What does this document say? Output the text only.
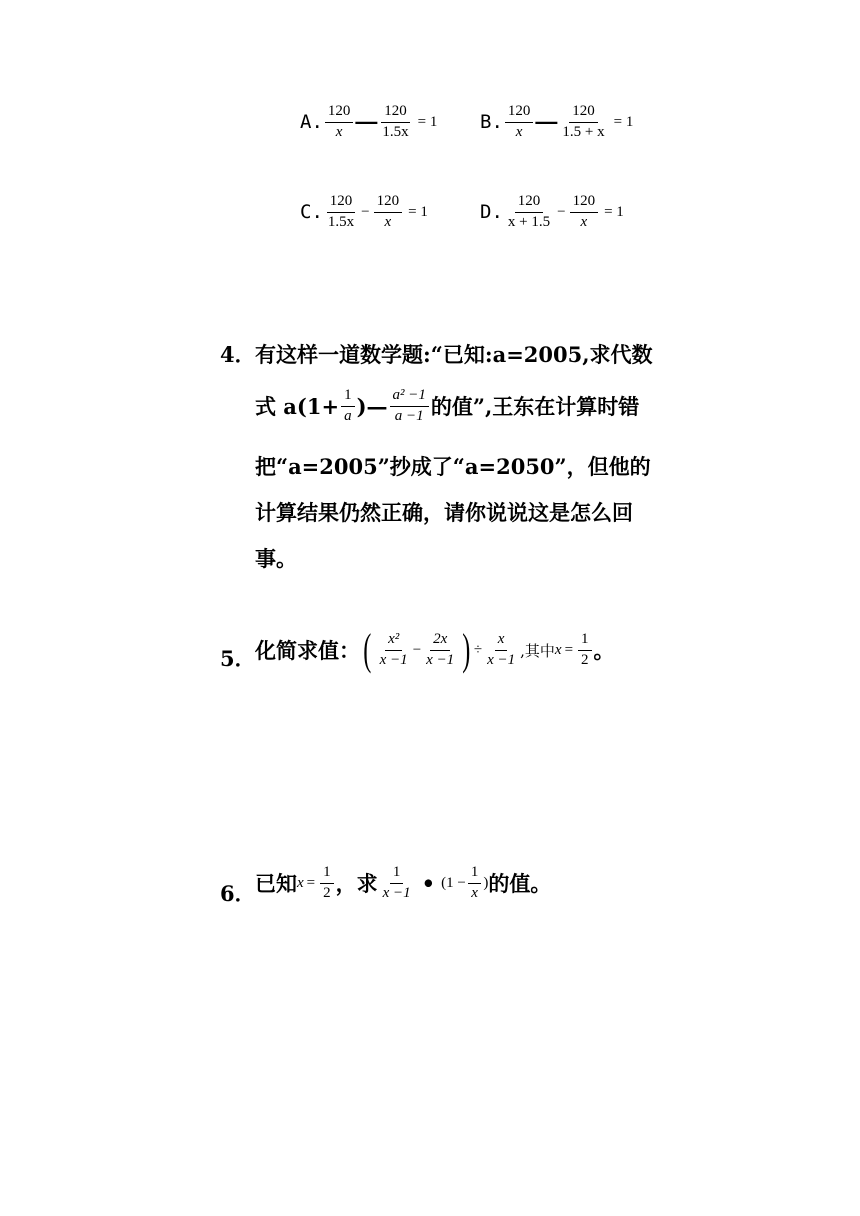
A. $\frac{120}{x}$ — $\frac{120}{1.5x} = 1$ B. $\frac{120}{x}$ — $\frac{120}{1.5 + x} = 1$
C. $\frac{120}{1.5x} - \frac{120}{x} = 1$	D. $\frac{120}{x + 1.5} - \frac{120}{x} = 1$
4． 有这样一道数学题:“已知:a=2005,求代数
式 $a(1+ \frac{1}{a}$ )— $\frac{\text{a² −1}}{a -1}$ 的值”,王东在计算时错
把“a=2005”抄成了“a=2050”，但他的
计算结果仍然正确，请你说说这是怎么回
事。
5． 化简求值： ( $\frac{\text{x²}}{x -1} - \frac{2x}{x -1}$ ) ÷ $\frac{x}{x -1}$ ,其中 $x = \frac{1}{2}$ 。
6． 已知 $x = \frac{1}{2}$ ，求 $\frac{1}{x -1}$ • ($1 - \frac{1}{x}$ ) 的值。
